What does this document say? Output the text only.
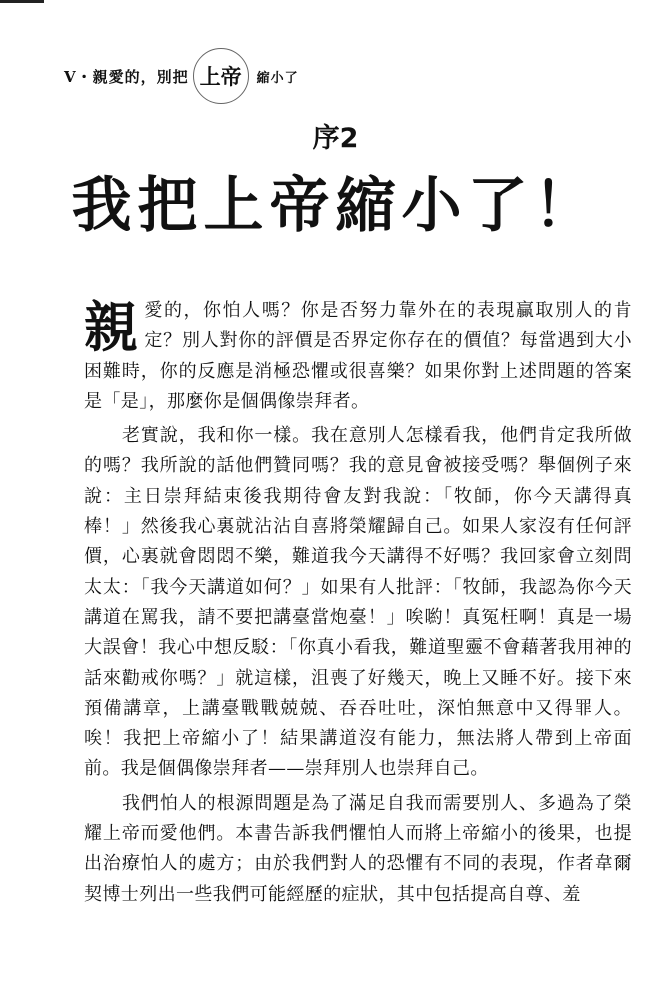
V・親愛的，別把 上帝	縮小了
序2
我把上帝縮小了！

親愛的，你怕人嗎？你是否努力靠外在的表現贏取別人的肯定？別人對你的評價是否界定你存在的價值？每當遇到大小困難時，你的反應是消極恐懼或很喜樂？如果你對上述問題的答案是「是」，那麼你是個偶像崇拜者。

老實說，我和你一樣。我在意別人怎樣看我，他們肯定我所做的嗎？我所說的話他們贊同嗎？我的意見會被接受嗎？舉個例子來說：主日崇拜結束後我期待會友對我說：「牧師，你今天講得真棒！」然後我心裏就沾沾自喜將榮耀歸自己。如果人家沒有任何評價，心裏就會悶悶不樂，難道我今天講得不好嗎？我回家會立刻問太太：「我今天講道如何？」如果有人批評：「牧師，我認為你今天講道在罵我，請不要把講臺當炮臺！」唉喲！真冤枉啊！真是一場大誤會！我心中想反駁：「你真小看我，難道聖靈不會藉著我用神的話來勸戒你嗎？」就這樣，沮喪了好幾天，晚上又睡不好。接下來預備講章，上講臺戰戰兢兢、吞吞吐吐，深怕無意中又得罪人。唉！我把上帝縮小了！結果講道沒有能力，無法將人帶到上帝面前。我是個偶像崇拜者——崇拜別人也崇拜自己。

我們怕人的根源問題是為了滿足自我而需要別人、多過為了榮耀上帝而愛他們。本書告訴我們懼怕人而將上帝縮小的後果，也提出治療怕人的處方；由於我們對人的恐懼有不同的表現，作者韋爾契博士列出一些我們可能經歷的症狀，其中包括提高自尊、羞
